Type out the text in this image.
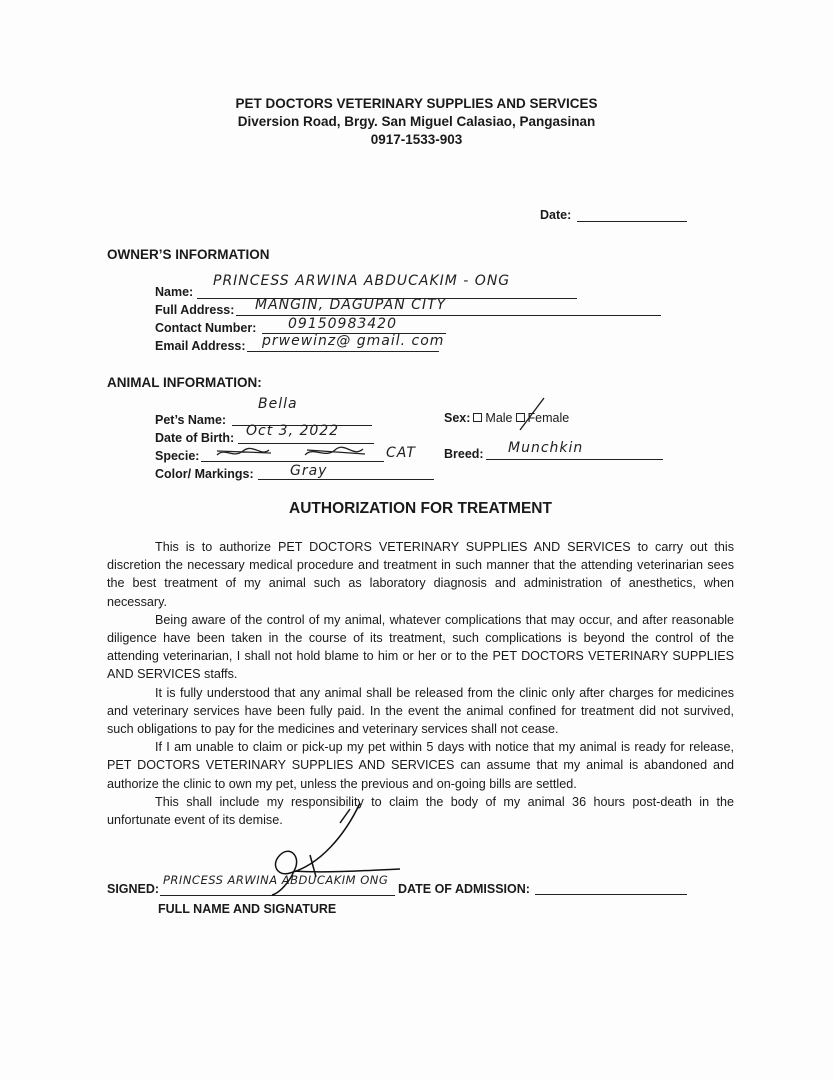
PET DOCTORS VETERINARY SUPPLIES AND SERVICES
Diversion Road, Brgy. San Miguel Calasiao, Pangasinan
0917-1533-903
Date:
OWNER’S INFORMATION
Name:
PRINCESS ARWINA ABDUCAKIM - ONG
Full Address: MANGIN, DAGUPAN CITY
Contact Number: 09150983420
Email Address: prwewinz@ gmail. com
ANIMAL INFORMATION:
Pet’s Name:
Bella
Date of Birth: Oct 3, 2022
Specie:	CAT
Color/ Markings:	Gray
Sex: Male Female
Breed: Munchkin
AUTHORIZATION FOR TREATMENT
This is to authorize PET DOCTORS VETERINARY SUPPLIES AND SERVICES to carry out this discretion the necessary medical procedure and treatment in such manner that the attending veterinarian sees the best treatment of my animal such as laboratory diagnosis and administration of anesthetics, when necessary.
Being aware of the control of my animal, whatever complications that may occur, and after reasonable diligence have been taken in the course of its treatment, such complications is beyond the control of the attending veterinarian, I shall not hold blame to him or her or to the PET DOCTORS VETERINARY SUPPLIES AND SERVICES staffs.
It is fully understood that any animal shall be released from the clinic only after charges for medicines and veterinary services have been fully paid. In the event the animal confined for treatment did not survived, such obligations to pay for the medicines and veterinary services shall not cease.
If I am unable to claim or pick-up my pet within 5 days with notice that my animal is ready for release, PET DOCTORS VETERINARY SUPPLIES AND SERVICES can assume that my animal is abandoned and authorize the clinic to own my pet, unless the previous and on-going bills are settled.
This shall include my responsibility to claim the body of my animal 36 hours post-death in the unfortunate event of its demise.
SIGNED:
PRINCESS ARWINA ABDUCAKIM ONG
FULL NAME AND SIGNATURE
DATE OF ADMISSION:
